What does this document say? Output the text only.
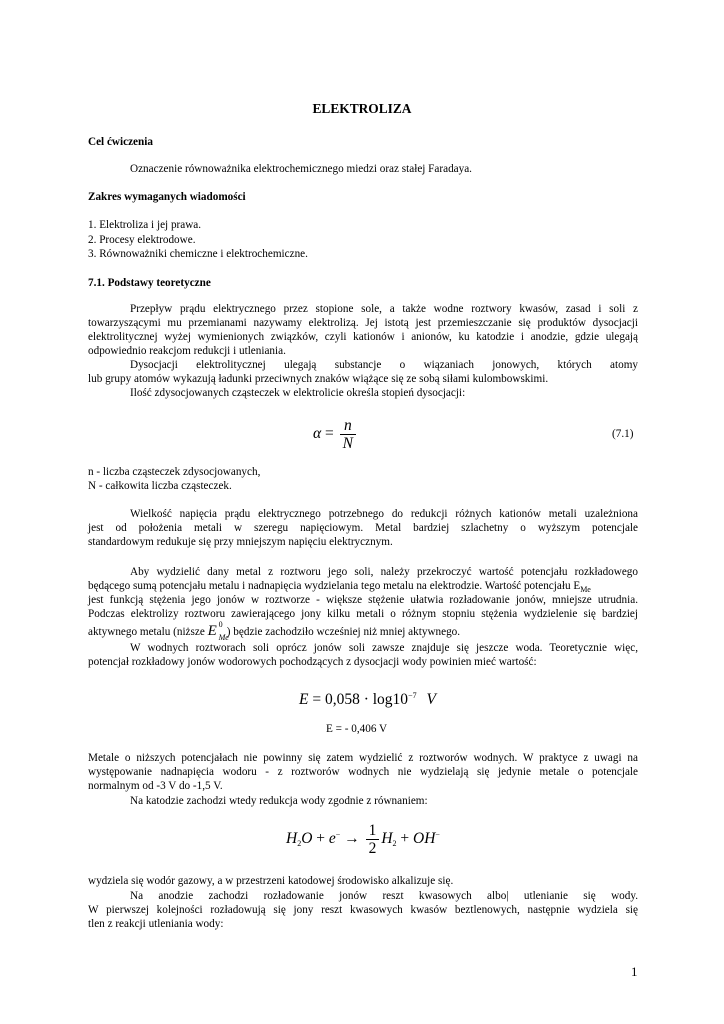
ELEKTROLIZA
Cel ćwiczenia
Oznaczenie równoważnika elektrochemicznego miedzi oraz stałej Faradaya.
Zakres wymaganych wiadomości
1. Elektroliza i jej prawa.
2. Procesy elektrodowe.
3. Równoważniki chemiczne i elektrochemiczne.
7.1. Podstawy teoretyczne
Przepływ prądu elektrycznego przez stopione sole, a także wodne roztwory kwasów, zasad i soli z
towarzyszącymi mu przemianami nazywamy elektrolizą. Jej istotą jest przemieszczanie się produktów dysocjacji
elektrolitycznej wyżej wymienionych związków, czyli kationów i anionów, ku katodzie i anodzie, gdzie ulegają
odpowiednio reakcjom redukcji i utleniania.
Dysocjacji elektrolitycznej ulegają substancje o wiązaniach jonowych, których atomy
lub grupy atomów wykazują ładunki przeciwnych znaków wiążące się ze sobą siłami kulombowskimi.
Ilość zdysocjowanych cząsteczek w elektrolicie określa stopień dysocjacji:
$\alpha = \frac{n}{N}$	(7.1)
n - liczba cząsteczek zdysocjowanych,
N - całkowita liczba cząsteczek.
Wielkość napięcia prądu elektrycznego potrzebnego do redukcji różnych kationów metali uzależniona
jest od położenia metali w szeregu napięciowym. Metal bardziej szlachetny o wyższym potencjale
standardowym redukuje się przy mniejszym napięciu elektrycznym.
Aby wydzielić dany metal z roztworu jego soli, należy przekroczyć wartość potencjału rozkładowego
będącego sumą potencjału metalu i nadnapięcia wydzielania tego metalu na elektrodzie. Wartość potencjału $E_{Me}$
jest funkcją stężenia jego jonów w roztworze - większe stężenie ułatwia rozładowanie jonów, mniejsze utrudnia.
Podczas elektrolizy roztworu zawierającego jony kilku metali o różnym stopniu stężenia wydzielenie się bardziej
aktywnego metalu (niższe E 0
Me
) będzie zachodziło wcześniej niż mniej aktywnego.
W wodnych roztworach soli oprócz jonów soli zawsze znajduje się jeszcze woda. Teoretycznie więc,
potencjał rozkładowy jonów wodorowych pochodzących z dysocjacji wody powinien mieć wartość:
$E = 0,058 \cdot \log 10^{-7}$ V
E = - 0,406 V
Metale o niższych potencjałach nie powinny się zatem wydzielić z roztworów wodnych. W praktyce z uwagi na
występowanie nadnapięcia wodoru - z roztworów wodnych nie wydzielają się jedynie metale o potencjale
normalnym od -3 V do -1,5 V.
Na katodzie zachodzi wtedy redukcja wody zgodnie z równaniem:
$H_2O + e^- \to \frac{1}{2} H_2 + OH^-$
wydziela się wodór gazowy, a w przestrzeni katodowej środowisko alkalizuje się.
Na anodzie zachodzi rozładowanie jonów reszt kwasowych albo| utlenianie się wody.
W pierwszej kolejności rozładowują się jony reszt kwasowych kwasów beztlenowych, następnie wydziela się
tlen z reakcji utleniania wody:
1
